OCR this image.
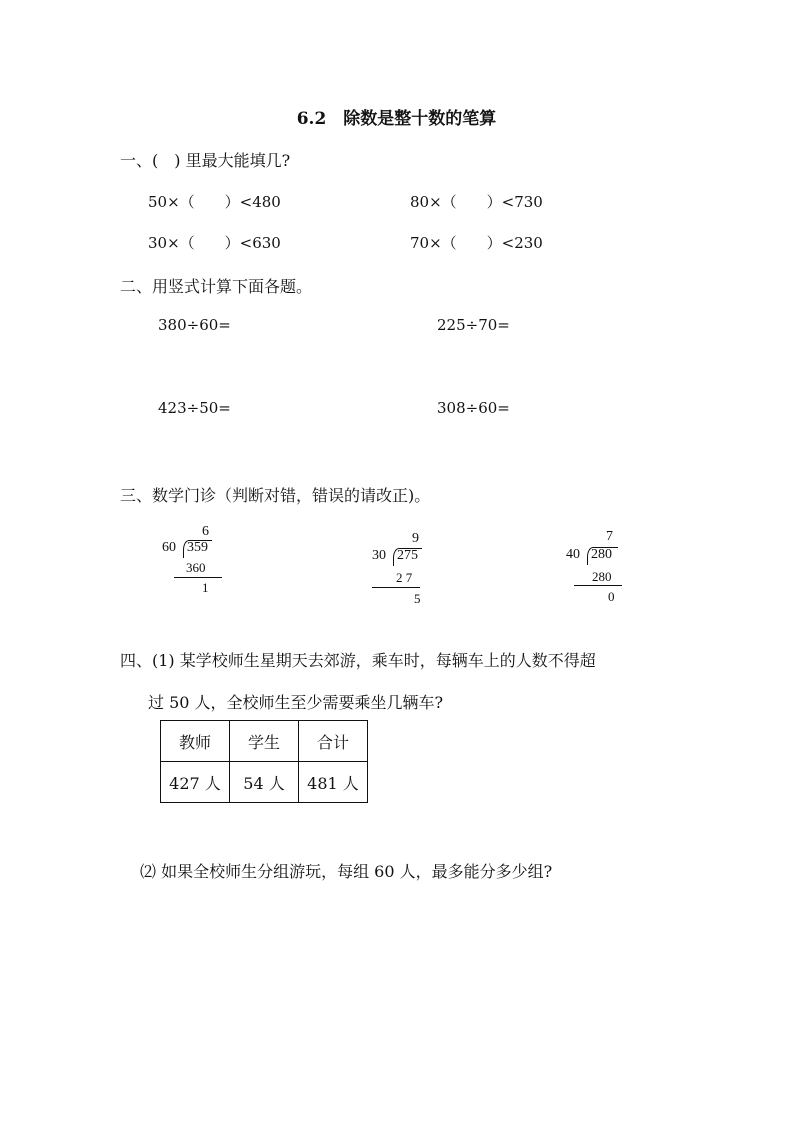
6.2　除数是整十数的笔算
一、(　) 里最大能填几?
50×（　　）<480	80×（　　）<730
30×（　　）<630	70×（　　）<230
二、用竖式计算下面各题。
380÷60=	225÷70=
423÷50=	308÷60=
三、数学门诊（判断对错，错误的请改正)。
6
60 359
360
1
9
30 275
2 7
5
7
40 280
280
0
四、(1) 某学校师生星期天去郊游，乘车时，每辆车上的人数不得超
过 50 人，全校师生至少需要乘坐几辆车?
教师	学生	合计
427 人	54 人	481 人
⑵ 如果全校师生分组游玩，每组 60 人，最多能分多少组?
